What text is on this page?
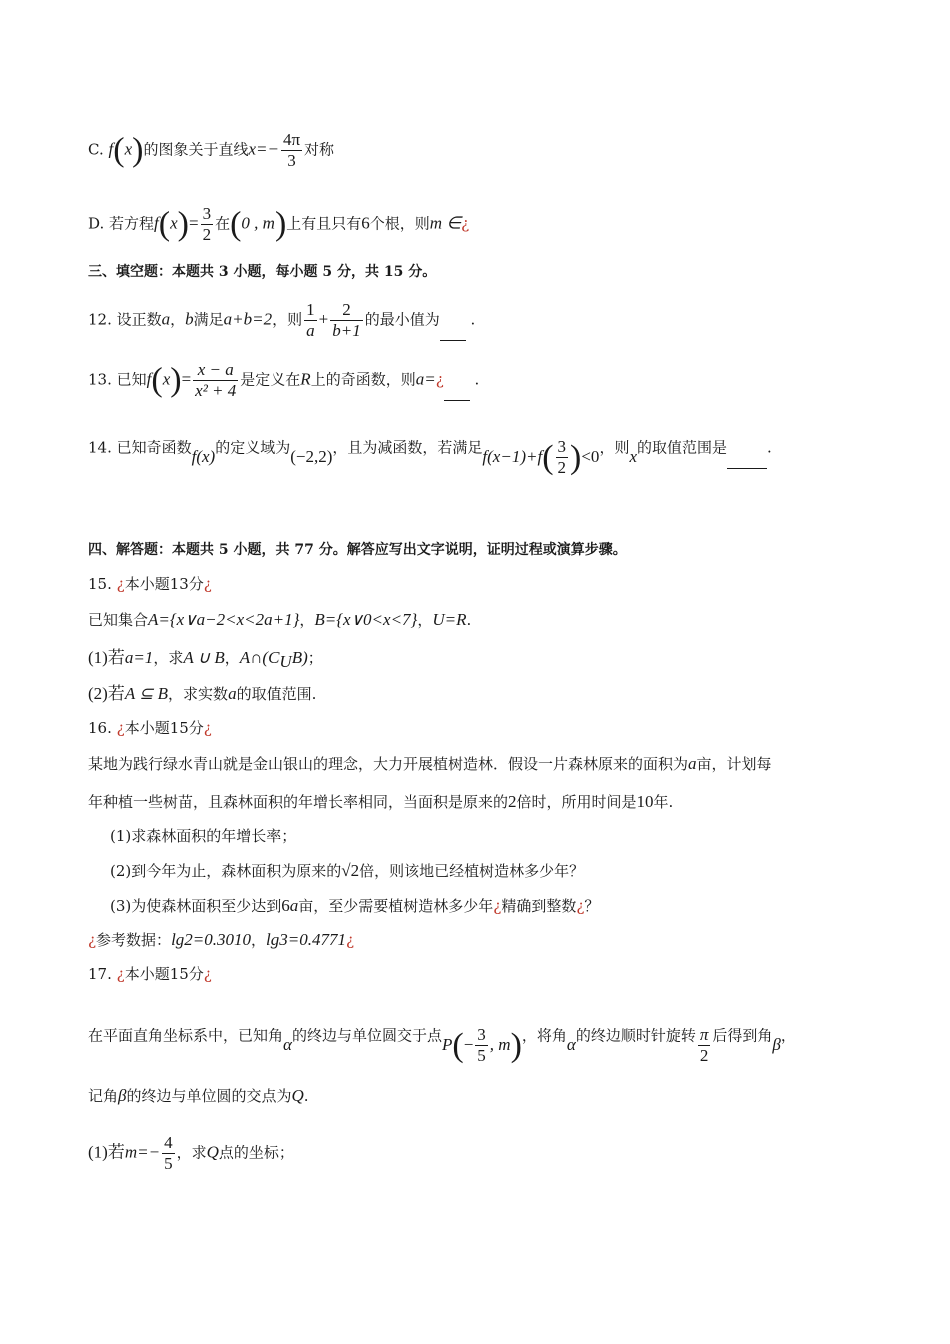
C. f(x)的图象关于直线$x=- \frac{4\pi}{3}$ 对称
D. 若方程$f(x)= \frac{3}{2}$ 在(0 , m)上有且只有6个根，则m ∈¿
三、填空题：本题共 3 小题，每小题 5 分，共 15 分。
12. 设正数a，b满足a+b=2，则 $\frac{1}{a} + \frac{2}{b+1}$ 的最小值为 .
13. 已知$f(x)= \frac{x - a}{\text{x² + 4}}$ 是定义在R上的奇函数，则a=¿ .
14. 已知奇函数f(x)的定义域为(−2,2)，且为减函数，若满足$f(x-1)+f( \frac{3}{2} )<0$，则x的取值范围是	.
四、解答题：本题共 5 小题，共 77 分。解答应写出文字说明，证明过程或演算步骤。
15. ¿本小题13分¿
已知集合A={x∨a−2<x<2a+1}，B={x∨0<x<7}，U=R.
(1)若a=1，求A ∪ B，$A\cap(C_UB)$；
(2)若A ⊆ B，求实数a的取值范围.
16. ¿本小题15分¿
某地为践行绿水青山就是金山银山的理念，大力开展植树造林．假设一片森林原来的面积为a亩，计划每
年种植一些树苗，且森林面积的年增长率相同，当面积是原来的2倍时，所用时间是10年.
(1)求森林面积的年增长率；
(2)到今年为止，森林面积为原来的√2倍，则该地已经植树造林多少年？
(3)为使森林面积至少达到6a亩，至少需要植树造林多少年¿精确到整数¿？
¿参考数据：lg2=0.3010，lg3=0.4771¿
17. ¿本小题15分¿
在平面直角坐标系中，已知角α的终边与单位圆交于点$P(- \frac{3}{5}$ , m)，将角α的终边顺时针旋转 $\frac{\pi}{2}$ 后得到角β，
记角β的终边与单位圆的交点为Q.
(1)若$m=- \frac{4}{5}$ ，求Q点的坐标；
